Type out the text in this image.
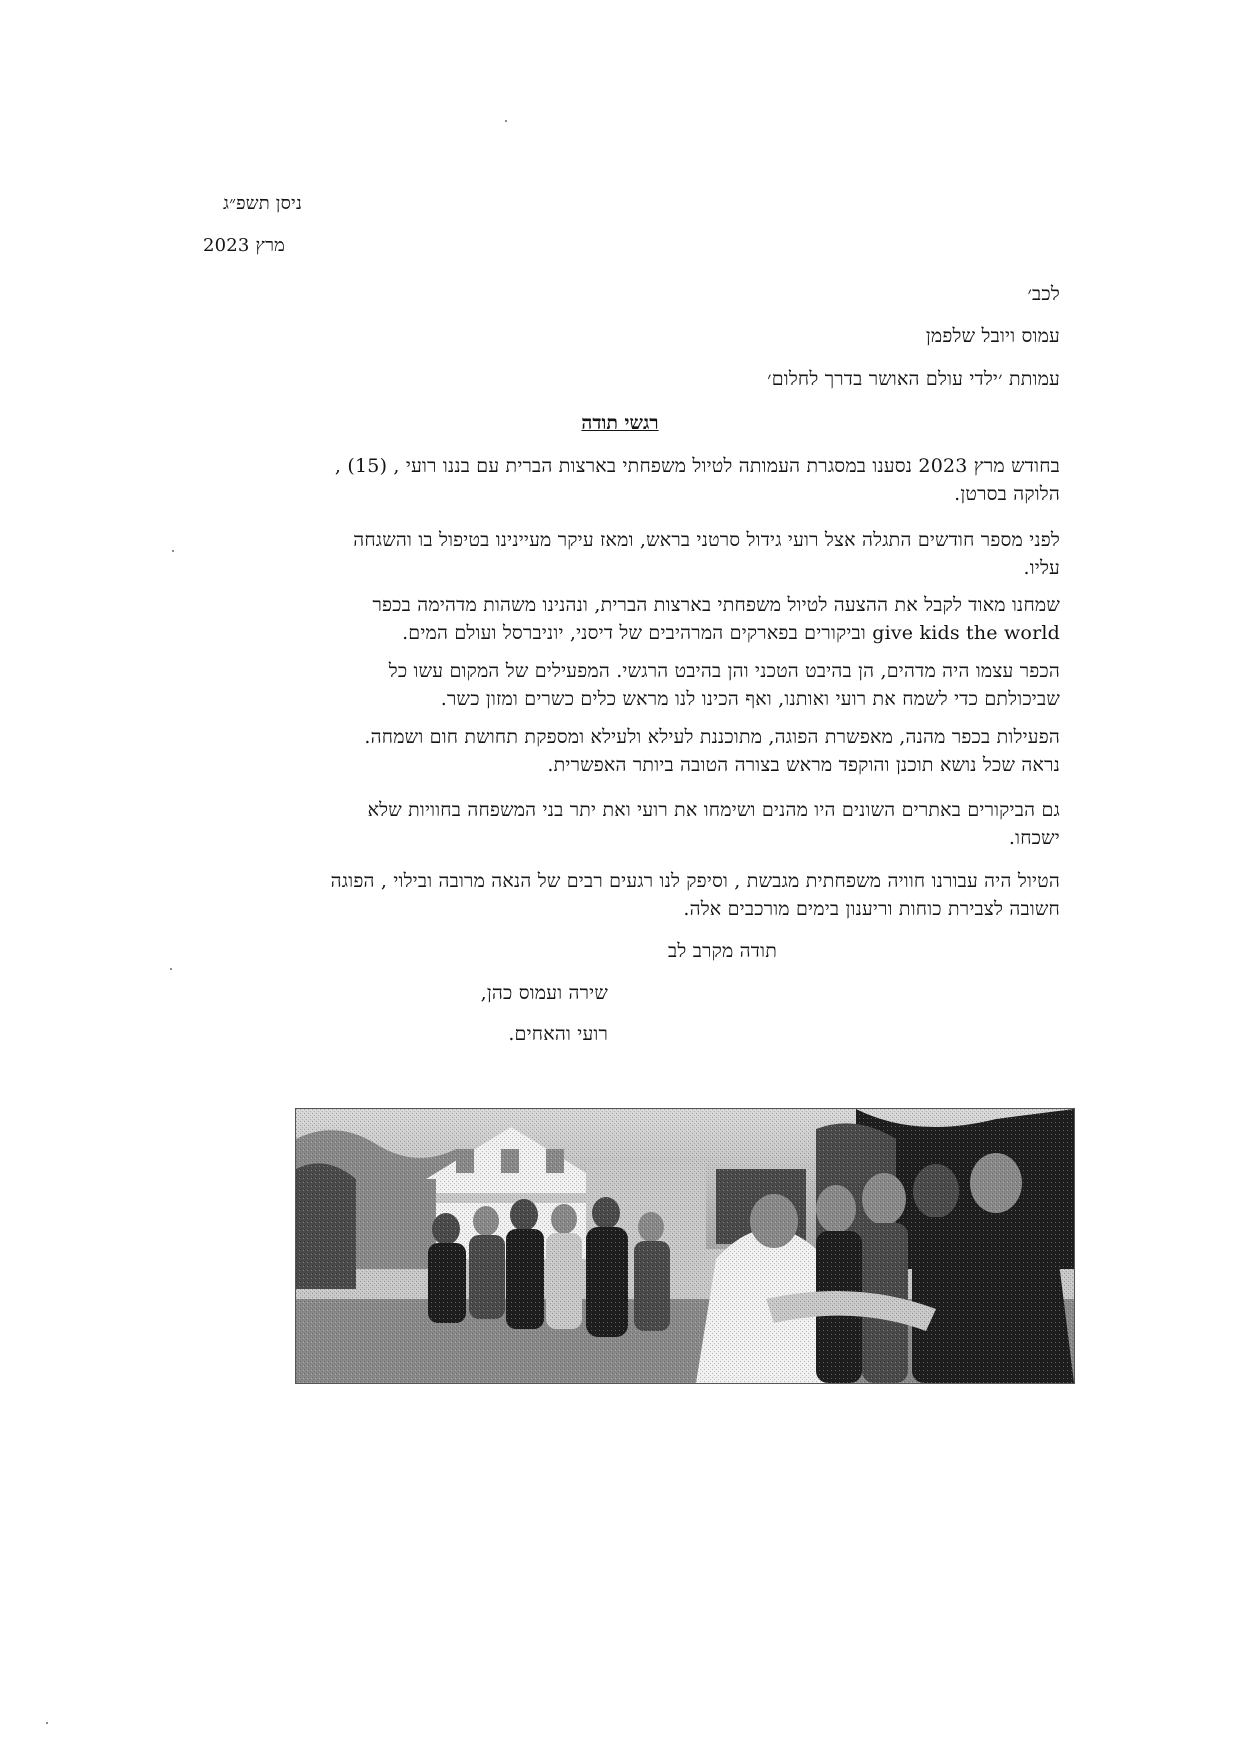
ניסן תשפ״ג
מרץ 2023
לכב׳
עמוס ויובל שלפמן
עמותת ׳ילדי עולם האושר בדרך לחלום׳
רגשי תודה
בחודש מרץ 2023 נסענו במסגרת העמותה לטיול משפחתי בארצות הברית עם בננו רועי , (15) ,
הלוקה בסרטן.
לפני מספר חודשים התגלה אצל רועי גידול סרטני בראש, ומאז עיקר מעיינינו בטיפול בו והשגחה
עליו.
שמחנו מאוד לקבל את ההצעה לטיול משפחתי בארצות הברית, ונהנינו משהות מדהימה בכפר
give kids the world וביקורים בפארקים המרהיבים של דיסני, יוניברסל ועולם המים.
הכפר עצמו היה מדהים, הן בהיבט הטכני והן בהיבט הרגשי. המפעילים של המקום עשו כל
שביכולתם כדי לשמח את רועי ואותנו, ואף הכינו לנו מראש כלים כשרים ומזון כשר.
הפעילות בכפר מהנה, מאפשרת הפוגה, מתוכננת לעילא ולעילא ומספקת תחושת חום ושמחה.
נראה שכל נושא תוכנן והוקפד מראש בצורה הטובה ביותר האפשרית.
גם הביקורים באתרים השונים היו מהנים ושימחו את רועי ואת יתר בני המשפחה בחוויות שלא
ישכחו.
הטיול היה עבורנו חוויה משפחתית מגבשת , וסיפק לנו רגעים רבים של הנאה מרובה ובילוי , הפוגה
חשובה לצבירת כוחות וריענון בימים מורכבים אלה.
תודה מקרב לב
שירה ועמוס כהן,
רועי והאחים.
